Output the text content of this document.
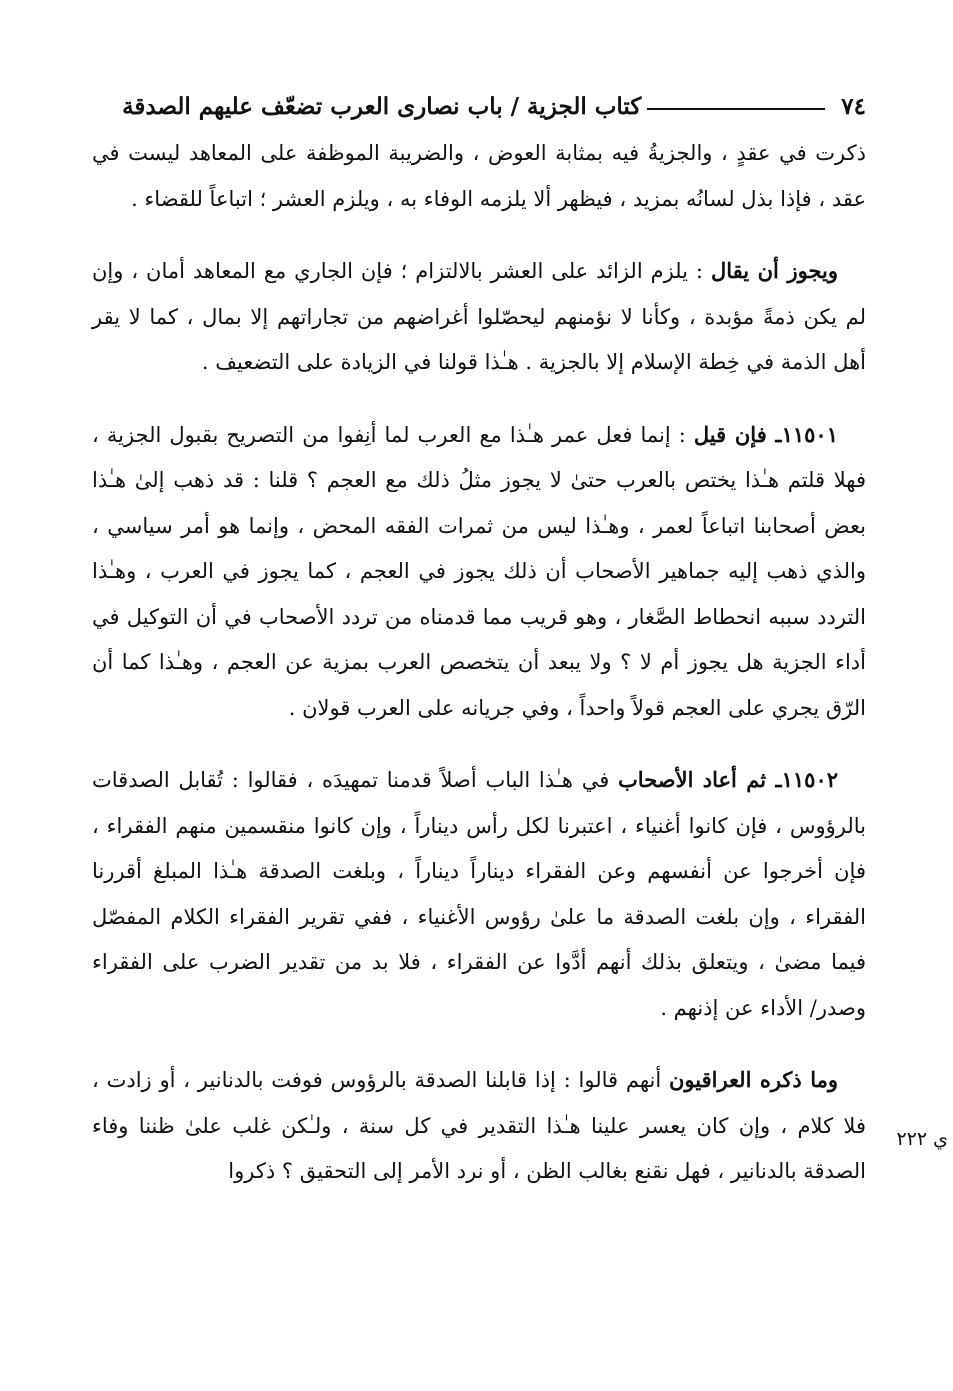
٧٤
كتاب الجزية / باب نصارى العرب تضعّف عليهم الصدقة

ذكرت في عقدٍ ، والجزيةُ فيه بمثابة العوض ، والضريبة الموظفة على المعاهد ليست في عقد ، فإذا بذل لسانُه بمزيد ، فيظهر ألا يلزمه الوفاء به ، ويلزم العشر ؛ اتباعاً للقضاء .

ويجوز أن يقال : يلزم الزائد على العشر بالالتزام ؛ فإن الجاري مع المعاهد أمان ، وإن لم يكن ذمةً مؤبدة ، وكأنا لا نؤمنهم ليحصّلوا أغراضهم من تجاراتهم إلا بمال ، كما لا يقر أهل الذمة في خِطة الإسلام إلا بالجزية . هـٰذا قولنا في الزيادة على التضعيف .

١١٥٠١ـ فإن قيل : إنما فعل عمر هـٰذا مع العرب لما أنِفوا من التصريح بقبول الجزية ، فهلا قلتم هـٰذا يختص بالعرب حتىٰ لا يجوز مثلُ ذلك مع العجم ؟ قلنا : قد ذهب إلىٰ هـٰذا بعض أصحابنا اتباعاً لعمر ، وهـٰذا ليس من ثمرات الفقه المحض ، وإنما هو أمر سياسي ، والذي ذهب إليه جماهير الأصحاب أن ذلك يجوز في العجم ، كما يجوز في العرب ، وهـٰذا التردد سببه انحطاط الصَّغار ، وهو قريب مما قدمناه من تردد الأصحاب في أن التوكيل في أداء الجزية هل يجوز أم لا ؟ ولا يبعد أن يتخصص العرب بمزية عن العجم ، وهـٰذا كما أن الرّق يجري على العجم قولاً واحداً ، وفي جريانه على العرب قولان .

١١٥٠٢ـ ثم أعاد الأصحاب في هـٰذا الباب أصلاً قدمنا تمهيدَه ، فقالوا : تُقابل الصدقات بالرؤوس ، فإن كانوا أغنياء ، اعتبرنا لكل رأس ديناراً ، وإن كانوا منقسمين منهم الفقراء ، فإن أخرجوا عن أنفسهم وعن الفقراء ديناراً ديناراً ، وبلغت الصدقة هـٰذا المبلغ أقررنا الفقراء ، وإن بلغت الصدقة ما علىٰ رؤوس الأغنياء ، ففي تقرير الفقراء الكلام المفصّل فيما مضىٰ ، ويتعلق بذلك أنهم أدَّوا عن الفقراء ، فلا بد من تقدير الضرب على الفقراء وصدر/ الأداء عن إذنهم .

وما ذكره العراقيون أنهم قالوا : إذا قابلنا الصدقة بالرؤوس فوفت بالدنانير ، أو زادت ، فلا كلام ، وإن كان يعسر علينا هـٰذا التقدير في كل سنة ، ولـٰكن غلب علىٰ ظننا وفاء الصدقة بالدنانير ، فهل نقنع بغالب الظن ، أو نرد الأمر إلى التحقيق ؟ ذكروا

ي ٢٢٢
